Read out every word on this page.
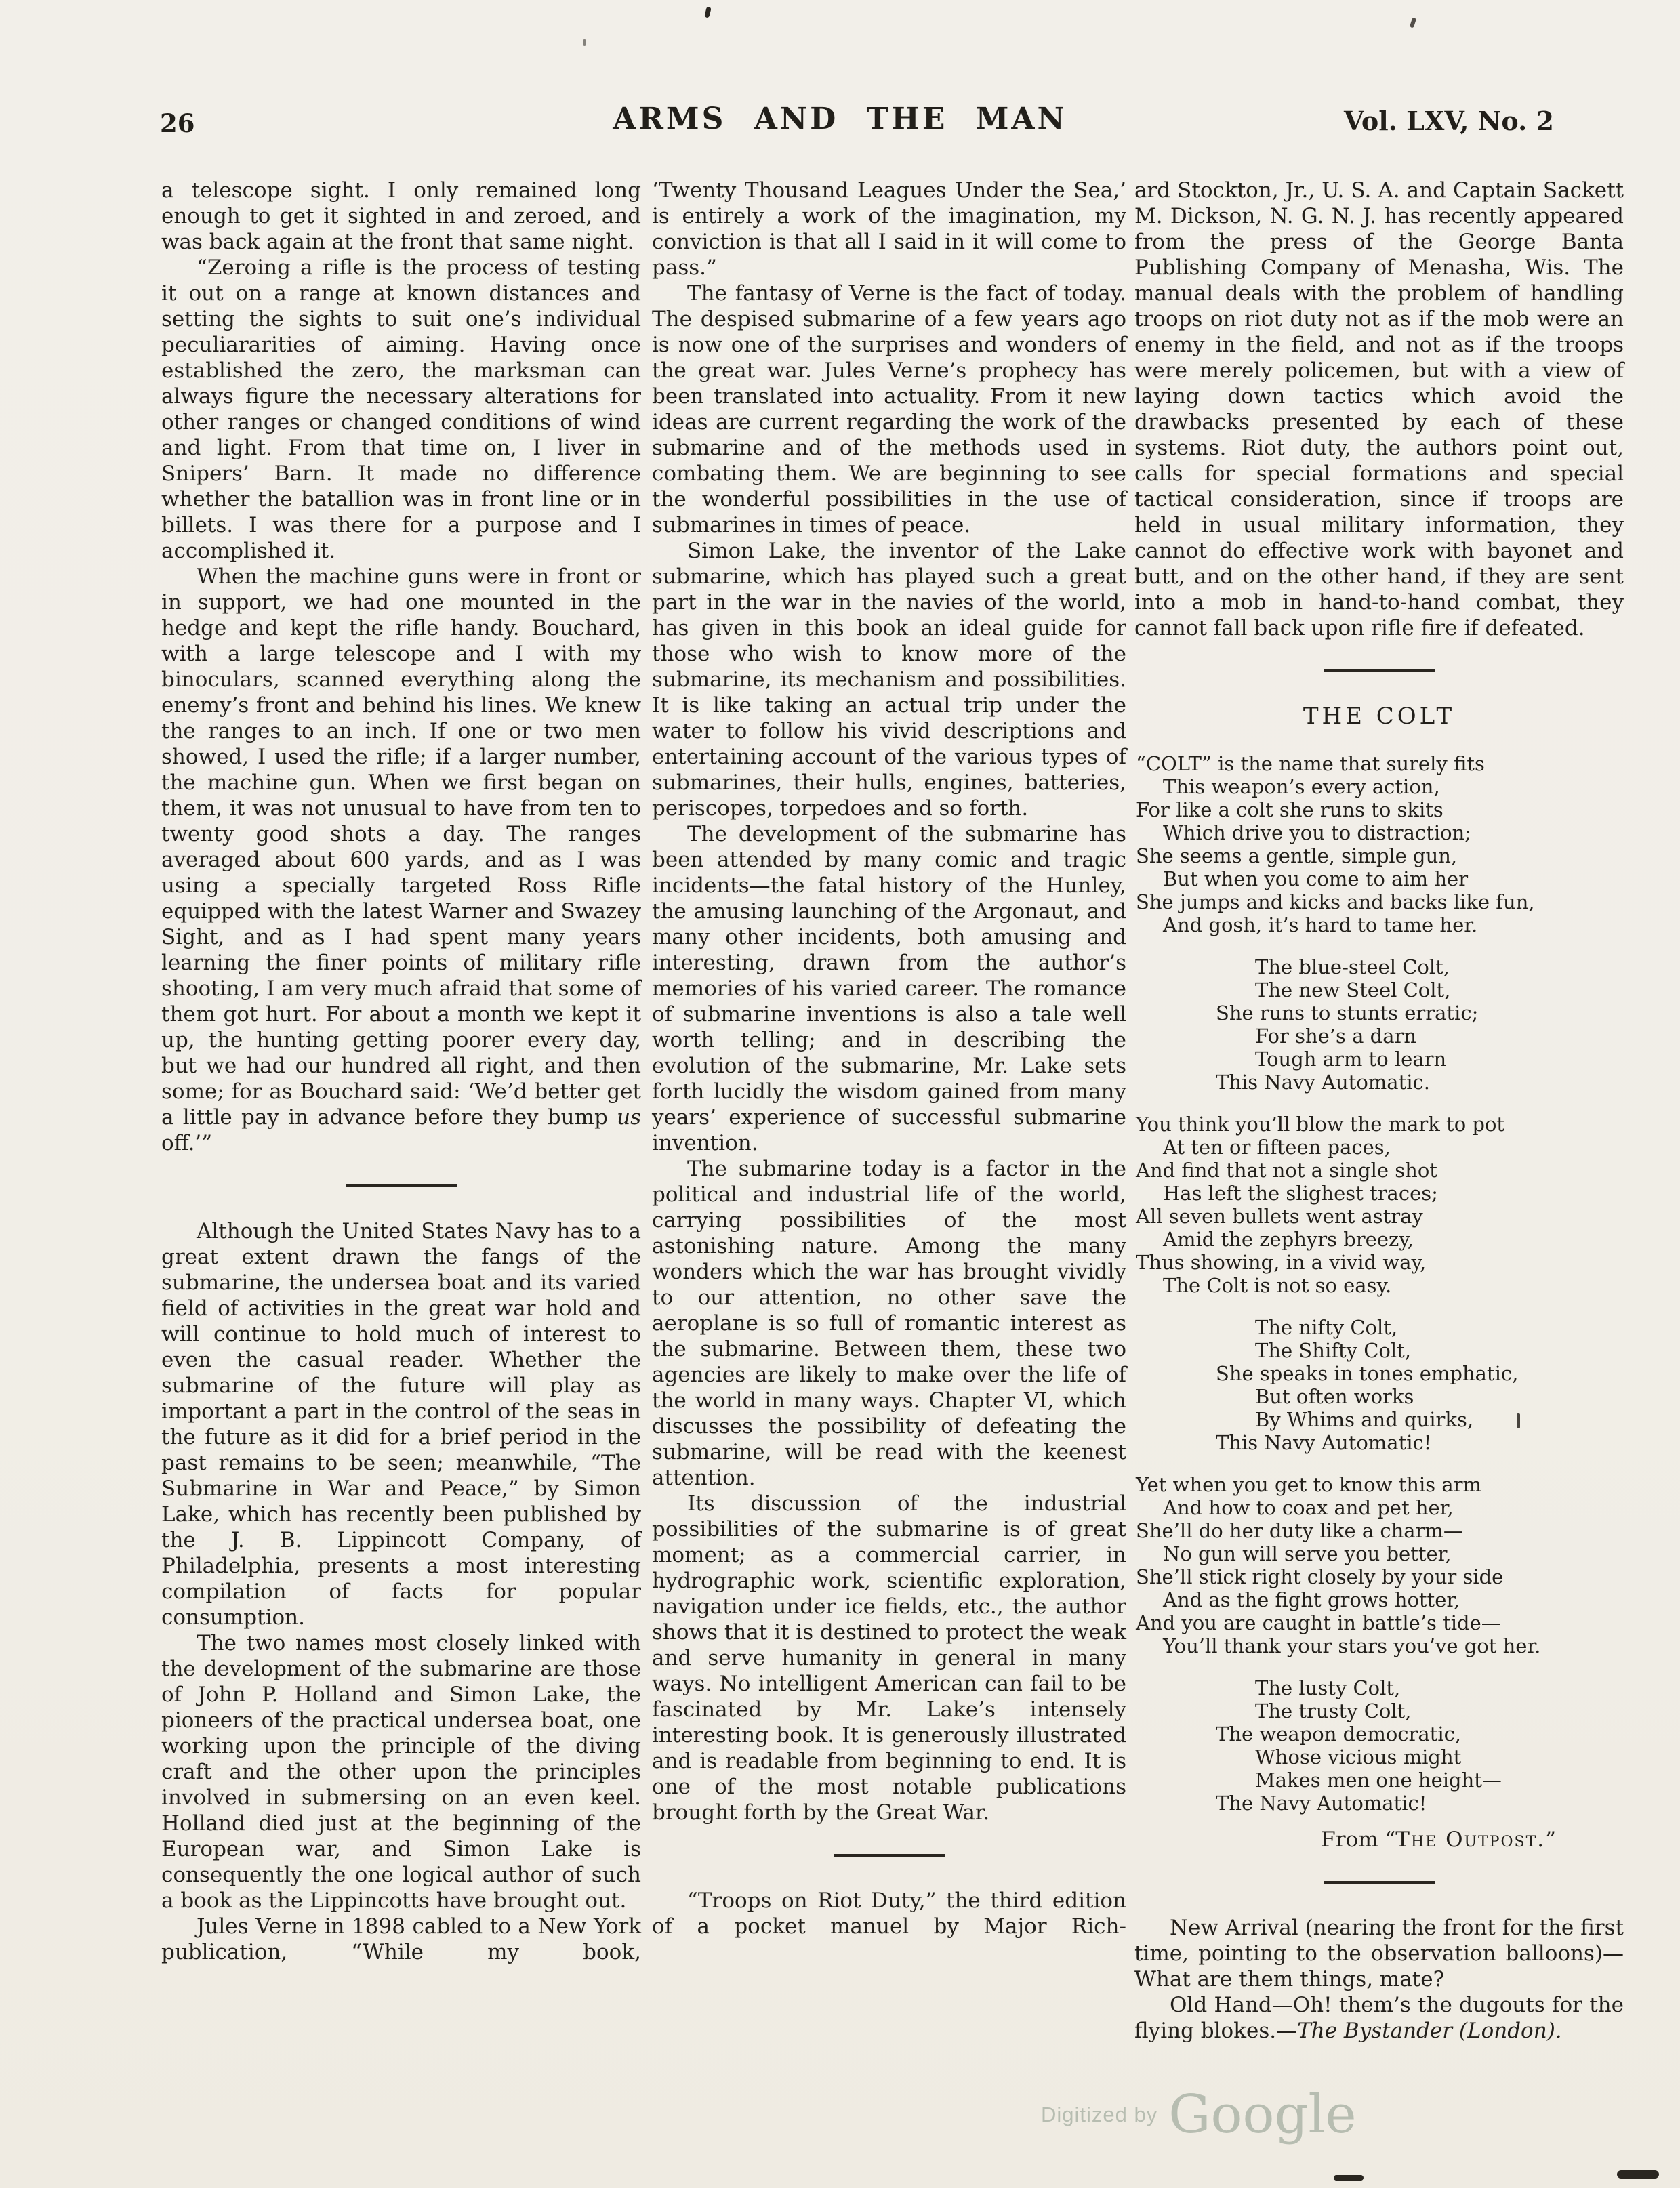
26	ARMS AND THE MAN	Vol. LXV, No. 2

a telescope sight. I only remained long enough to get it sighted in and zeroed, and was back again at the front that same night.

“Zeroing a rifle is the process of testing it out on a range at known distances and setting the sights to suit one’s individual peculiararities of aiming. Having once established the zero, the marksman can always figure the necessary alterations for other ranges or changed conditions of wind and light. From that time on, I liver in Snipers’ Barn. It made no difference whether the batallion was in front line or in billets. I was there for a purpose and I accomplished it.

When the machine guns were in front or in support, we had one mounted in the hedge and kept the rifle handy. Bouchard, with a large telescope and I with my binoculars, scanned everything along the enemy’s front and behind his lines. We knew the ranges to an inch. If one or two men showed, I used the rifle; if a larger number, the machine gun. When we first began on them, it was not unusual to have from ten to twenty good shots a day. The ranges averaged about 600 yards, and as I was using a specially targeted Ross Rifle equipped with the latest Warner and Swazey Sight, and as I had spent many years learning the finer points of military rifle shooting, I am very much afraid that some of them got hurt. For about a month we kept it up, the hunting getting poorer every day, but we had our hundred all right, and then some; for as Bouchard said: ‘We’d better get a little pay in advance before they bump us off.’”

Although the United States Navy has to a great extent drawn the fangs of the submarine, the undersea boat and its varied field of activities in the great war hold and will continue to hold much of interest to even the casual reader. Whether the submarine of the future will play as important a part in the control of the seas in the future as it did for a brief period in the past remains to be seen; meanwhile, “The Submarine in War and Peace,” by Simon Lake, which has recently been published by the J. B. Lippincott Company, of Philadelphia, presents a most interesting compilation of facts for popular consumption.

The two names most closely linked with the development of the submarine are those of John P. Holland and Simon Lake, the pioneers of the practical undersea boat, one working upon the principle of the diving craft and the other upon the principles involved in submersing on an even keel. Holland died just at the beginning of the European war, and Simon Lake is consequently the one logical author of such a book as the Lippincotts have brought out.

Jules Verne in 1898 cabled to a New York publication, “While my book,

‘Twenty Thousand Leagues Under the Sea,’ is entirely a work of the imagination, my conviction is that all I said in it will come to pass.”

The fantasy of Verne is the fact of today. The despised submarine of a few years ago is now one of the surprises and wonders of the great war. Jules Verne’s prophecy has been translated into actuality. From it new ideas are current regarding the work of the submarine and of the methods used in combating them. We are beginning to see the wonderful possibilities in the use of submarines in times of peace.

Simon Lake, the inventor of the Lake submarine, which has played such a great part in the war in the navies of the world, has given in this book an ideal guide for those who wish to know more of the submarine, its mechanism and possibilities. It is like taking an actual trip under the water to follow his vivid descriptions and entertaining account of the various types of submarines, their hulls, engines, batteries, periscopes, torpedoes and so forth.

The development of the submarine has been attended by many comic and tragic incidents—the fatal history of the Hunley, the amusing launching of the Argonaut, and many other incidents, both amusing and interesting, drawn from the author’s memories of his varied career. The romance of submarine inventions is also a tale well worth telling; and in describing the evolution of the submarine, Mr. Lake sets forth lucidly the wisdom gained from many years’ experience of successful submarine invention.

The submarine today is a factor in the political and industrial life of the world, carrying possibilities of the most astonishing nature. Among the many wonders which the war has brought vividly to our attention, no other save the aeroplane is so full of romantic interest as the submarine. Between them, these two agencies are likely to make over the life of the world in many ways. Chapter VI, which discusses the possibility of defeating the submarine, will be read with the keenest attention.

Its discussion of the industrial possibilities of the submarine is of great moment; as a commercial carrier, in hydrographic work, scientific exploration, navigation under ice fields, etc., the author shows that it is destined to protect the weak and serve humanity in general in many ways. No intelligent American can fail to be fascinated by Mr. Lake’s intensely interesting book. It is generously illustrated and is readable from beginning to end. It is one of the most notable publications brought forth by the Great War.

“Troops on Riot Duty,” the third edition of a pocket manuel by Major Rich-

ard Stockton, Jr., U. S. A. and Captain Sackett M. Dickson, N. G. N. J. has recently appeared from the press of the George Banta Publishing Company of Menasha, Wis. The manual deals with the problem of handling troops on riot duty not as if the mob were an enemy in the field, and not as if the troops were merely policemen, but with a view of laying down tactics which avoid the drawbacks presented by each of these systems. Riot duty, the authors point out, calls for special formations and special tactical consideration, since if troops are held in usual military information, they cannot do effective work with bayonet and butt, and on the other hand, if they are sent into a mob in hand-to-hand combat, they cannot fall back upon rifle fire if defeated.

THE COLT
“COLT” is the name that surely fits
This weapon’s every action,
For like a colt she runs to skits
Which drive you to distraction;
She seems a gentle, simple gun,
But when you come to aim her
She jumps and kicks and backs like fun,
And gosh, it’s hard to tame her.
The blue-steel Colt,
The new Steel Colt,
She runs to stunts erratic;
For she’s a darn
Tough arm to learn
This Navy Automatic.
You think you’ll blow the mark to pot
At ten or fifteen paces,
And find that not a single shot
Has left the slighest traces;
All seven bullets went astray
Amid the zephyrs breezy,
Thus showing, in a vivid way,
The Colt is not so easy.
The nifty Colt,
The Shifty Colt,
She speaks in tones emphatic,
But often works
By Whims and quirks,
This Navy Automatic!
Yet when you get to know this arm
And how to coax and pet her,
She’ll do her duty like a charm—
No gun will serve you better,
She’ll stick right closely by your side
And as the fight grows hotter,
And you are caught in battle’s tide—
You’ll thank your stars you’ve got her.
The lusty Colt,
The trusty Colt,
The weapon democratic,
Whose vicious might
Makes men one height—
The Navy Automatic!
From “The Outpost.”

New Arrival (nearing the front for the first time, pointing to the observation balloons)—What are them things, mate?

Old Hand—Oh! them’s the dugouts for the flying blokes.—The Bystander (London).

Digitized by Google
